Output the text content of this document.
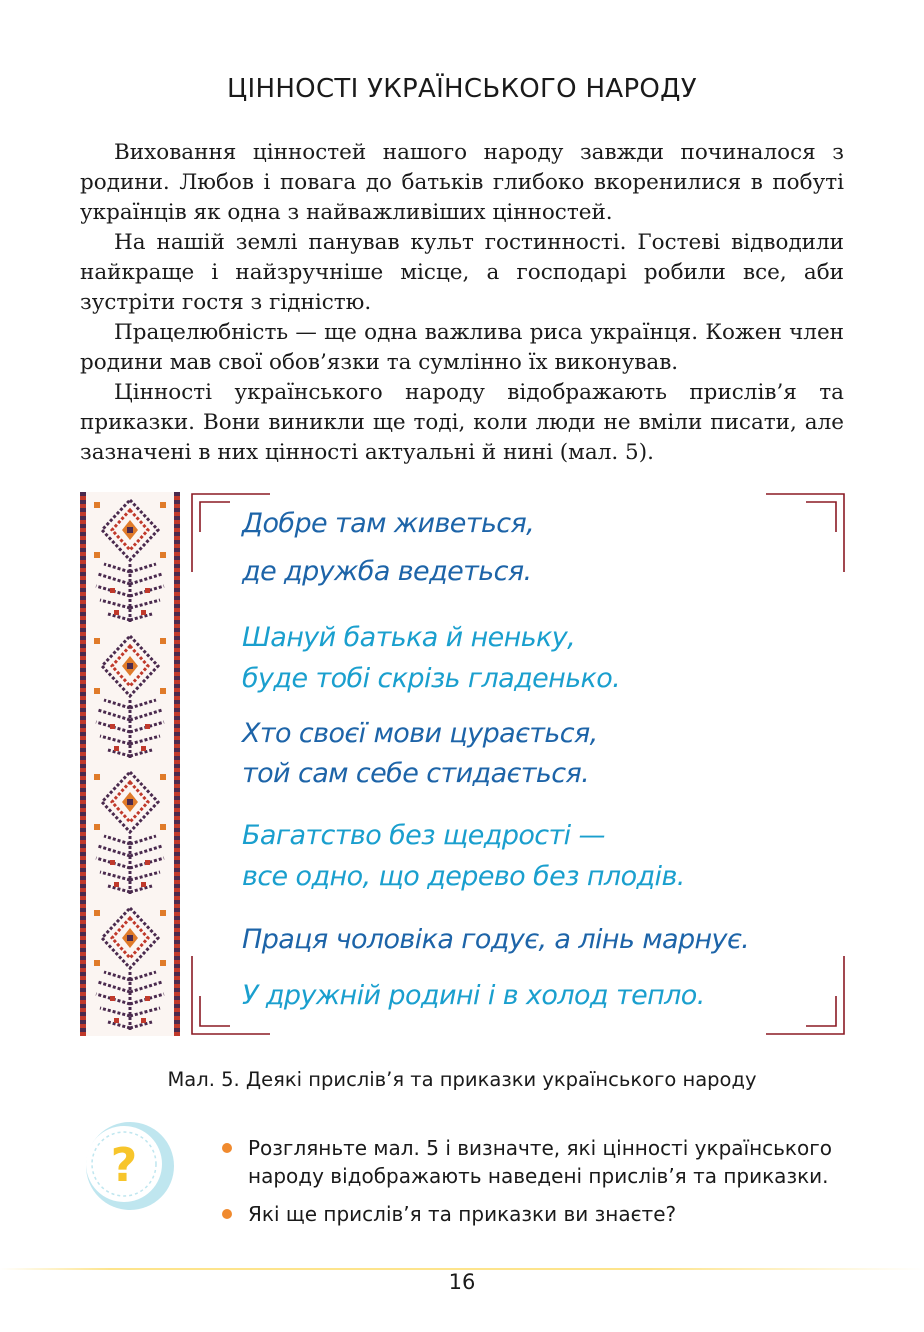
ЦІННОСТІ УКРАЇНСЬКОГО НАРОДУ

Виховання цінностей нашого народу завжди починалося з родини. Любов і повага до батьків глибоко вкоренилися в побуті українців як одна з найважливіших цінностей.

На нашій землі панував культ гостинності. Гостеві відводили найкраще і найзручніше місце, а господарі робили все, аби зустріти гостя з гідністю.

Працелюбність — ще одна важлива риса українця. Кожен член родини мав свої обов’язки та сумлінно їх виконував.

Цінності українського народу відображають прислів’я та приказки. Вони виникли ще тоді, коли люди не вміли писати, але зазначені в них цінності актуальні й нині (мал. 5).

Добре там живеться,
де дружба ведеться.
Шануй батька й неньку,
буде тобі скрізь гладенько.
Хто своєї мови цурається,
той сам себе стидається.
Багатство без щедрості —
все одно, що дерево без плодів.
Праця чоловіка годує, а лінь марнує.
У дружній родині і в холод тепло.
Мал. 5. Деякі прислів’я та приказки українського народу
?	Розгляньте мал. 5 і визначте, які цінності українського народу відображають наведені прислів’я та приказки.
Які ще прислів’я та приказки ви знаєте?
16
